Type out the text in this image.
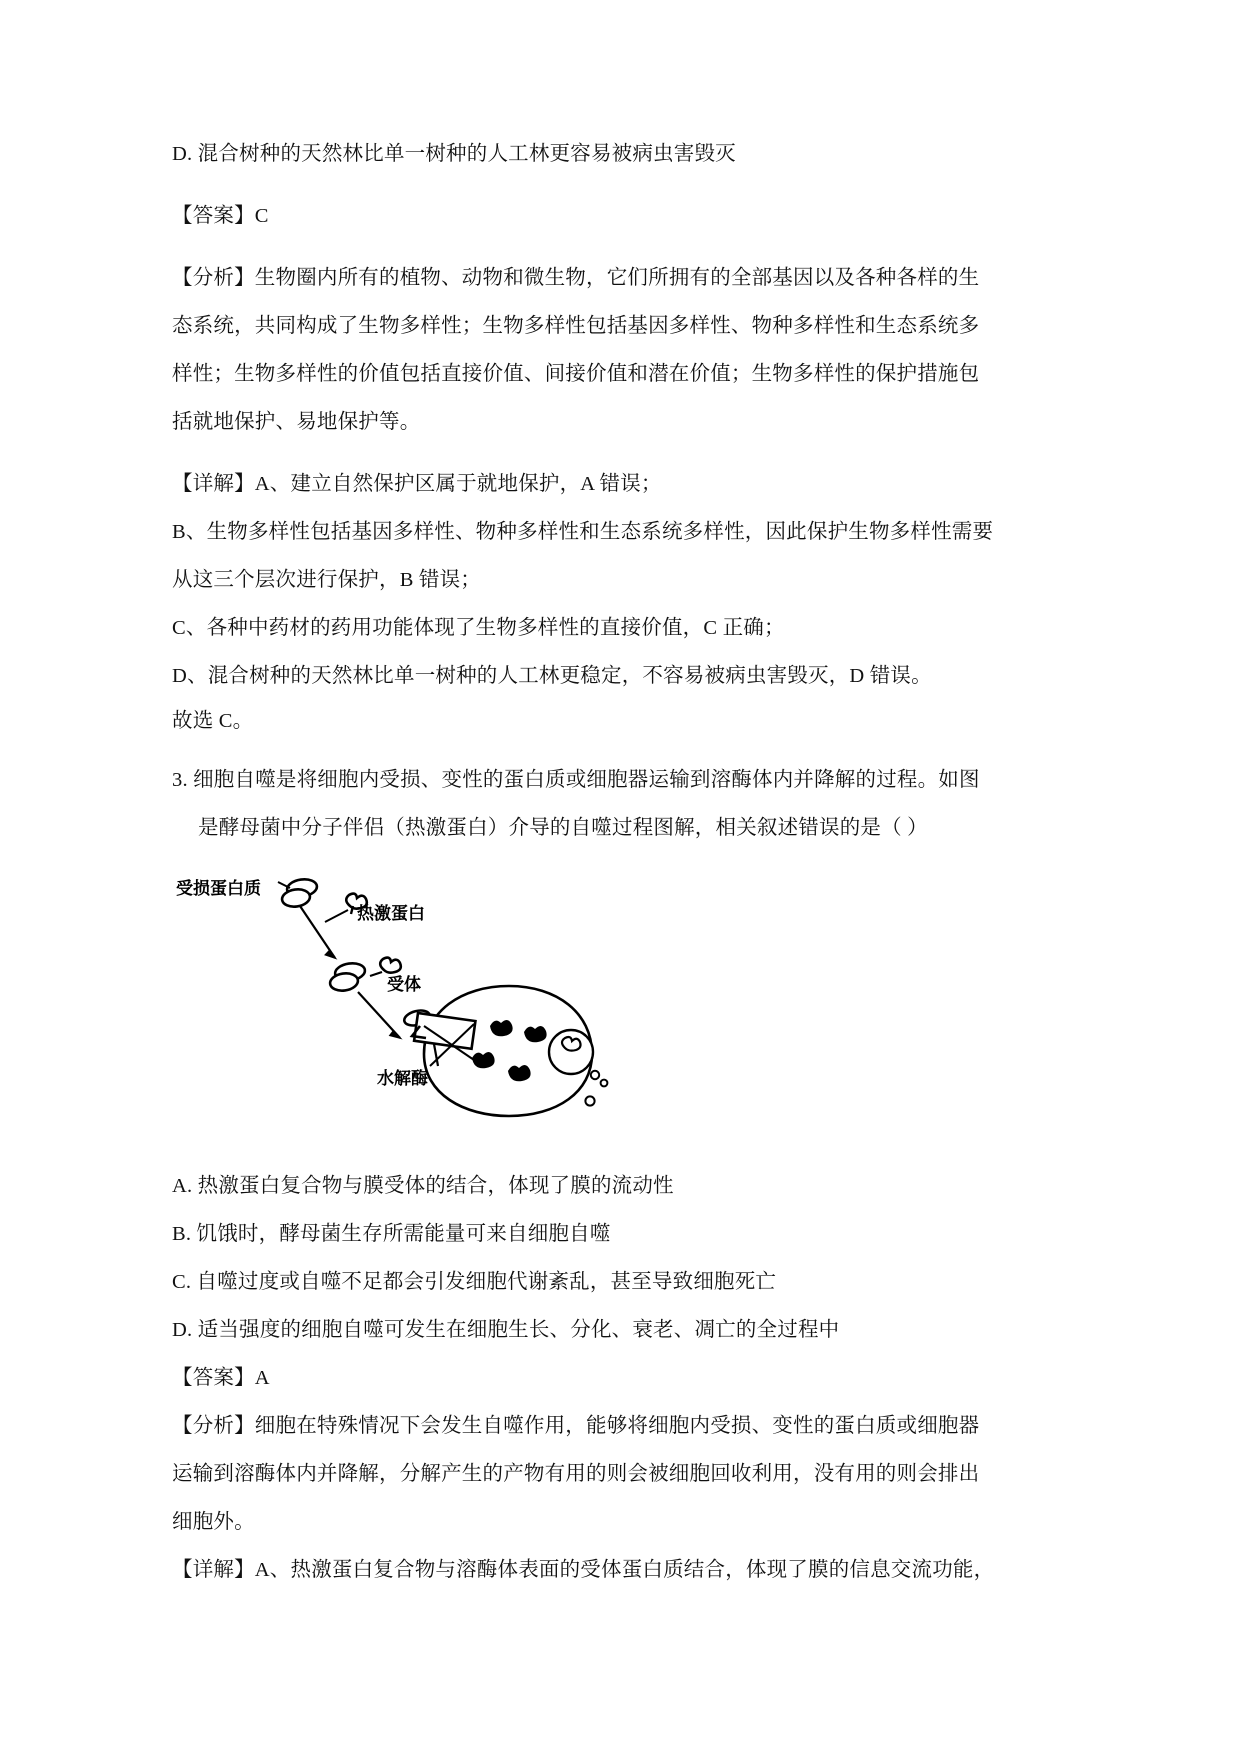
D. 混合树种的天然林比单一树种的人工林更容易被病虫害毁灭
【答案】C
【分析】生物圈内所有的植物、动物和微生物，它们所拥有的全部基因以及各种各样的生
态系统，共同构成了生物多样性；生物多样性包括基因多样性、物种多样性和生态系统多
样性；生物多样性的价值包括直接价值、间接价值和潜在价值；生物多样性的保护措施包
括就地保护、易地保护等。
【详解】A、建立自然保护区属于就地保护，A 错误；
B、生物多样性包括基因多样性、物种多样性和生态系统多样性，因此保护生物多样性需要
从这三个层次进行保护，B 错误；
C、各种中药材的药用功能体现了生物多样性的直接价值，C 正确；
D、混合树种的天然林比单一树种的人工林更稳定，不容易被病虫害毁灭，D 错误。
故选 C。
3. 细胞自噬是将细胞内受损、变性的蛋白质或细胞器运输到溶酶体内并降解的过程。如图
是酵母菌中分子伴侣（热激蛋白）介导的自噬过程图解，相关叙述错误的是（ ）
受损蛋白质
热激蛋白
受体
水解酶
A. 热激蛋白复合物与膜受体的结合，体现了膜的流动性
B. 饥饿时，酵母菌生存所需能量可来自细胞自噬
C. 自噬过度或自噬不足都会引发细胞代谢紊乱，甚至导致细胞死亡
D. 适当强度的细胞自噬可发生在细胞生长、分化、衰老、凋亡的全过程中
【答案】A
【分析】细胞在特殊情况下会发生自噬作用，能够将细胞内受损、变性的蛋白质或细胞器
运输到溶酶体内并降解，分解产生的产物有用的则会被细胞回收利用，没有用的则会排出
细胞外。
【详解】A、热激蛋白复合物与溶酶体表面的受体蛋白质结合，体现了膜的信息交流功能，
